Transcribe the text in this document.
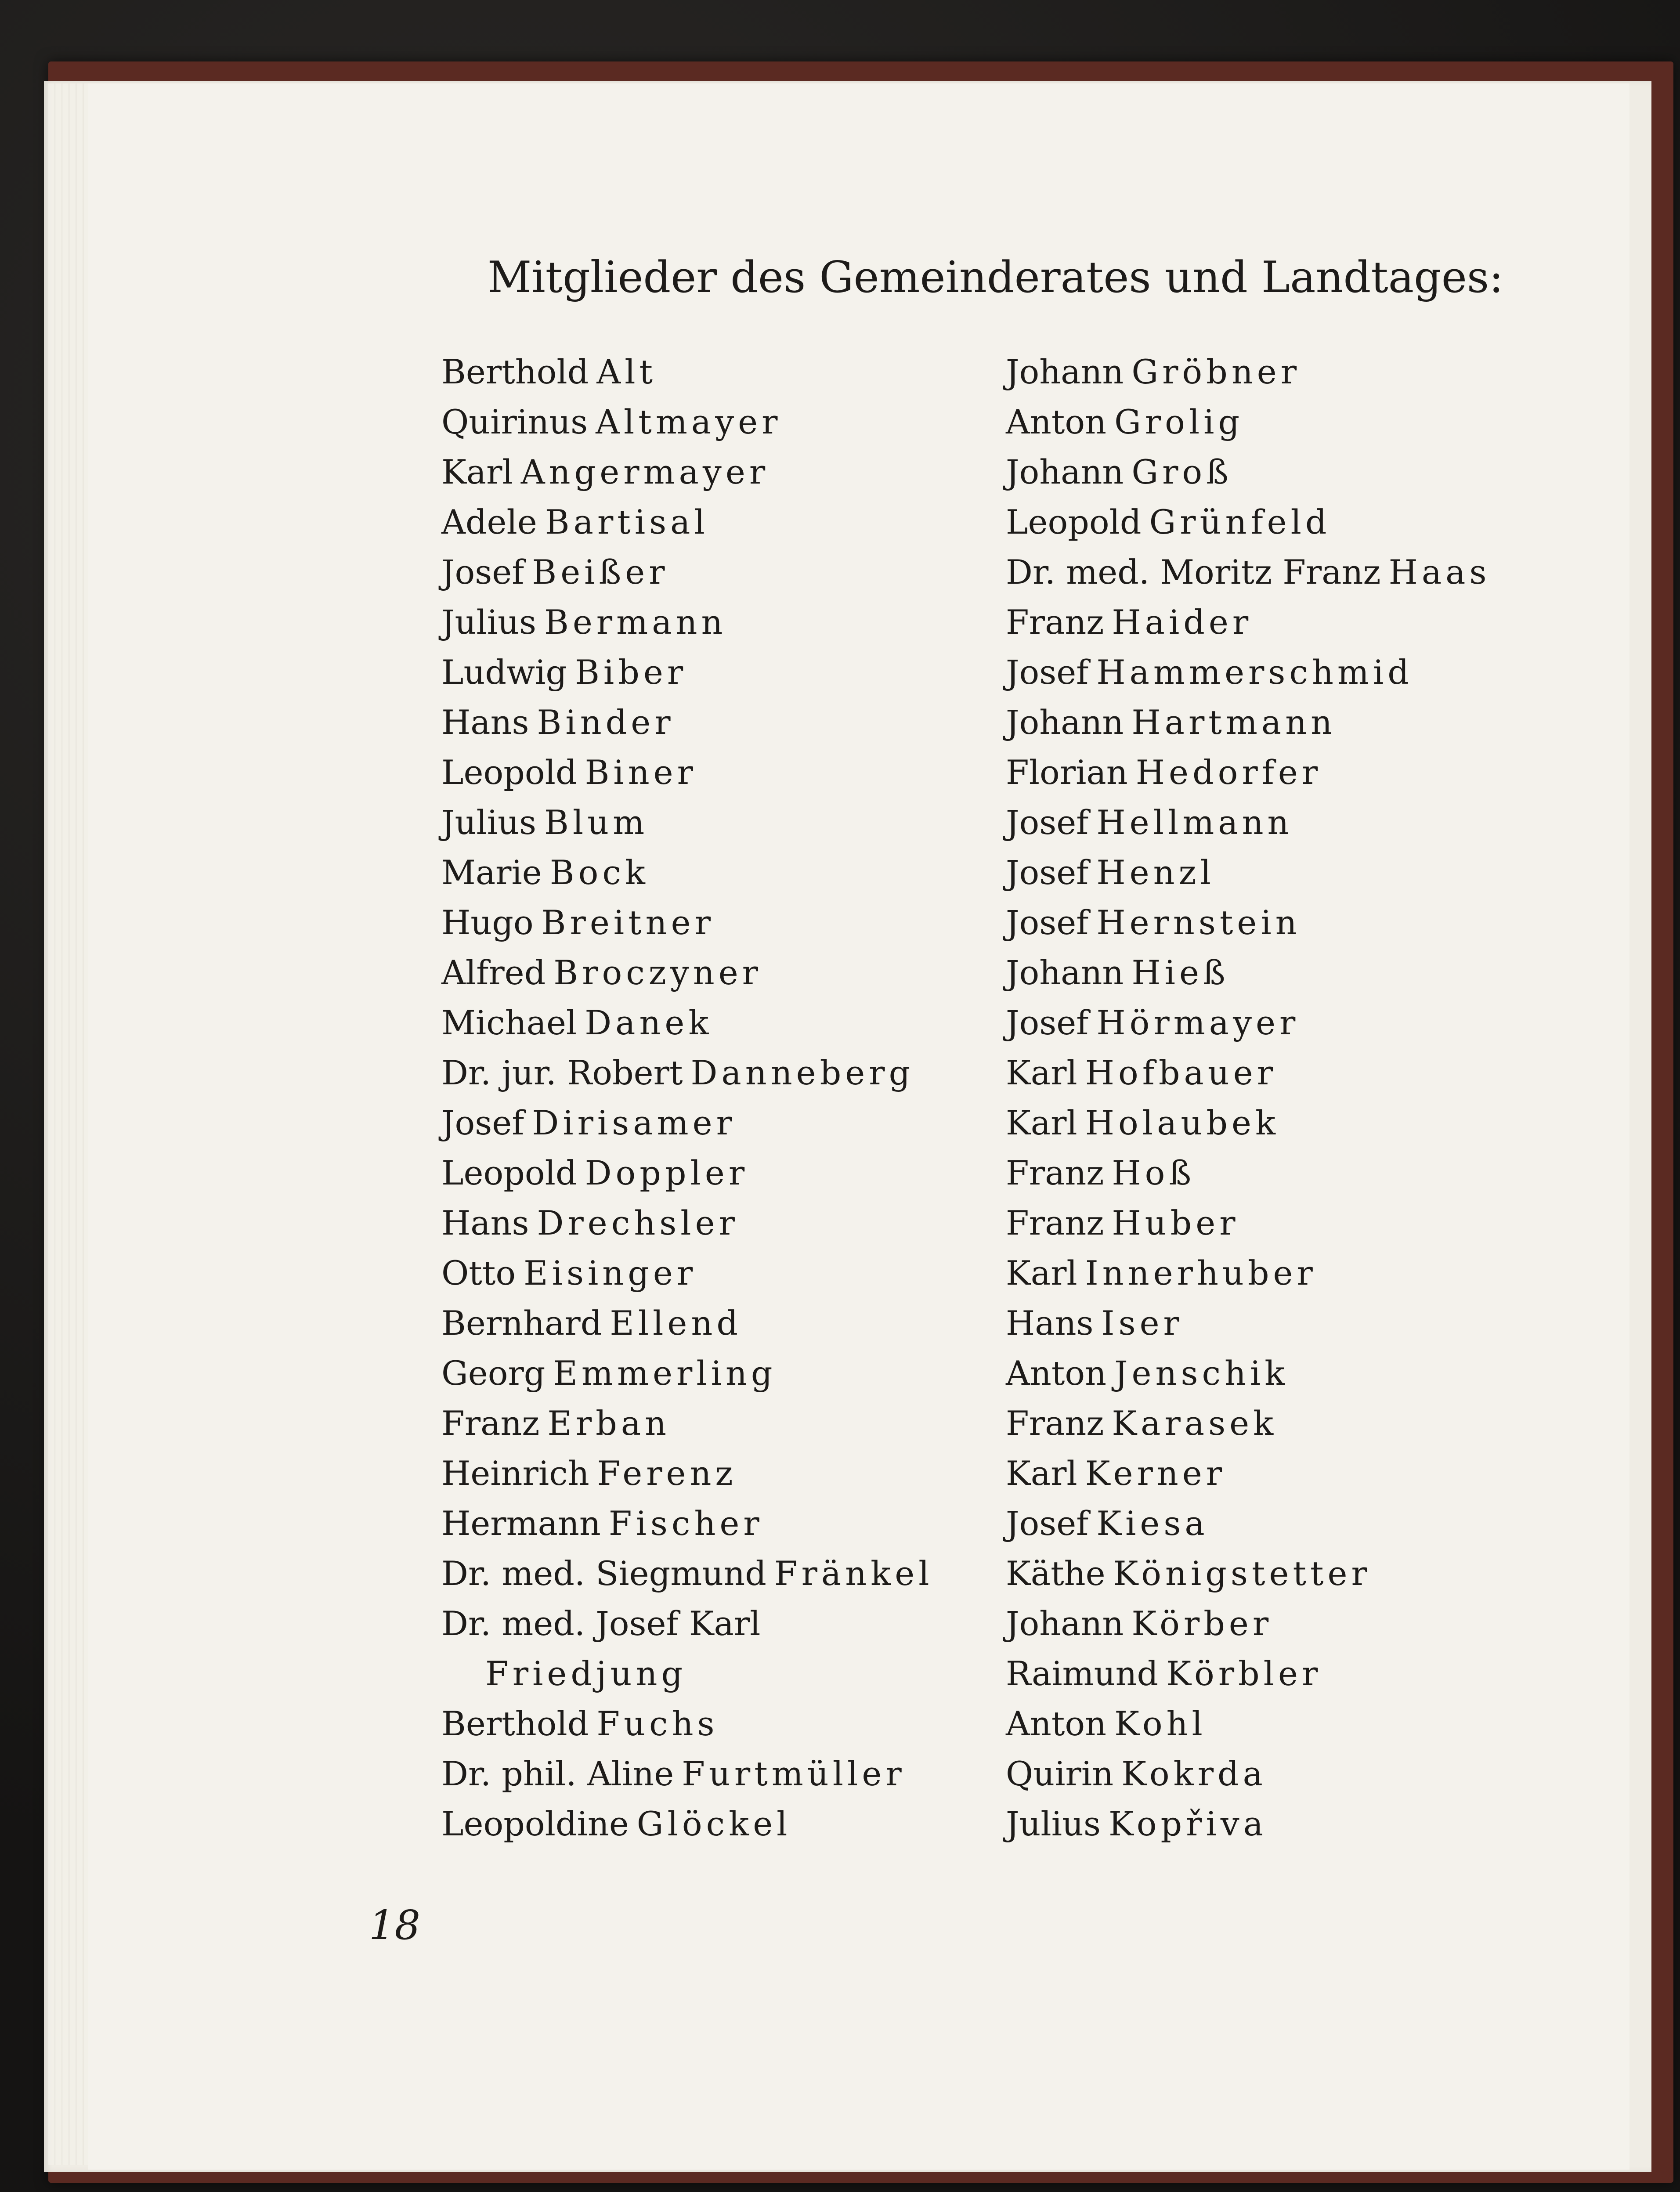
Mitglieder des Gemeinderates und Landtages:
Berthold Alt
Quirinus Altmayer
Karl Angermayer
Adele Bartisal
Josef Beißer
Julius Bermann
Ludwig Biber
Hans Binder
Leopold Biner
Julius Blum
Marie Bock
Hugo Breitner
Alfred Broczyner
Michael Danek
Dr. jur. Robert Danneberg
Josef Dirisamer
Leopold Doppler
Hans Drechsler
Otto Eisinger
Bernhard Ellend
Georg Emmerling
Franz Erban
Heinrich Ferenz
Hermann Fischer
Dr. med. Siegmund Fränkel
Dr. med. Josef Karl
Friedjung
Berthold Fuchs
Dr. phil. Aline Furtmüller
Leopoldine Glöckel
Johann Gröbner
Anton Grolig
Johann Groß
Leopold Grünfeld
Dr. med. Moritz Franz Haas
Franz Haider
Josef Hammerschmid
Johann Hartmann
Florian Hedorfer
Josef Hellmann
Josef Henzl
Josef Hernstein
Johann Hieß
Josef Hörmayer
Karl Hofbauer
Karl Holaubek
Franz Hoß
Franz Huber
Karl Innerhuber
Hans Iser
Anton Jenschik
Franz Karasek
Karl Kerner
Josef Kiesa
Käthe Königstetter
Johann Körber
Raimund Körbler
Anton Kohl
Quirin Kokrda
Julius Kopřiva
18
